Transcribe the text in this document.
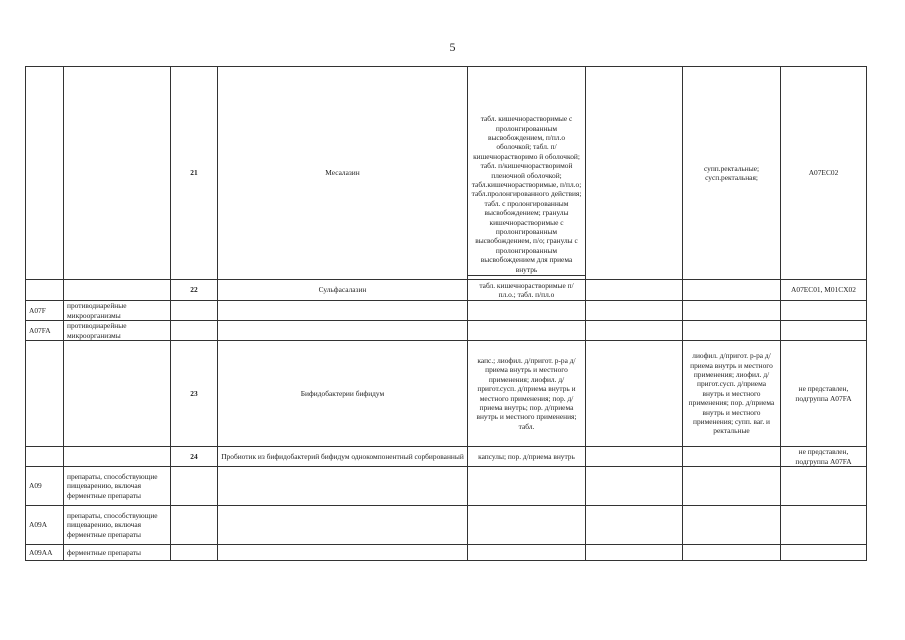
5
		21	Месалазин	табл. кишечнорастворимые с пролонгированным высвобождением, п/пл.о оболочкой; табл. п/кишечнорастворимо й оболочкой; табл. п/кишечнорастворимой пленочной оболочкой; табл.кишечнорастворимые, п/пл.о; табл.пролонгированного действия; табл. с пролонгированным высвобождением; гранулы кишечнорастворимые с пролонгированным высвобождением, п/о; гранулы с пролонгированным высвобождением для приема внутрь		супп.ректальные; сусп.ректальная;	A07EC02
		22	Сульфасалазин	табл. кишечнорастворимые п/пл.о.; табл. п/пл.о			A07EC01, M01CX02
A07F	противодиарейные микроорганизмы						
A07FA	противодиарейные микроорганизмы						
		23	Бифидобактерии бифидум	капс.; лиофил. д/пригот. р-ра д/приема внутрь и местного применения; лиофил. д/пригот.сусп. д/приема внутрь и местного применения; пор. д/приема внутрь; пор. д/приема внутрь и местного применения; табл.		лиофил. д/пригот. р-ра д/приема внутрь и местного применения; лиофил. д/пригот.сусп. д/приема внутрь и местного применения; пор. д/приема внутрь и местного применения; супп. ваг. и ректальные	не представлен, подгруппа A07FA
		24	Пробиотик из бифидобактерий бифидум однокомпонентный сорбированный	капсулы; пор. д/приема внутрь			не представлен, подгруппа A07FA
A09	препараты, способствующие пищеварению, включая ферментные препараты						
A09A	препараты, способствующие пищеварению, включая ферментные препараты						
A09AA	ферментные препараты						
